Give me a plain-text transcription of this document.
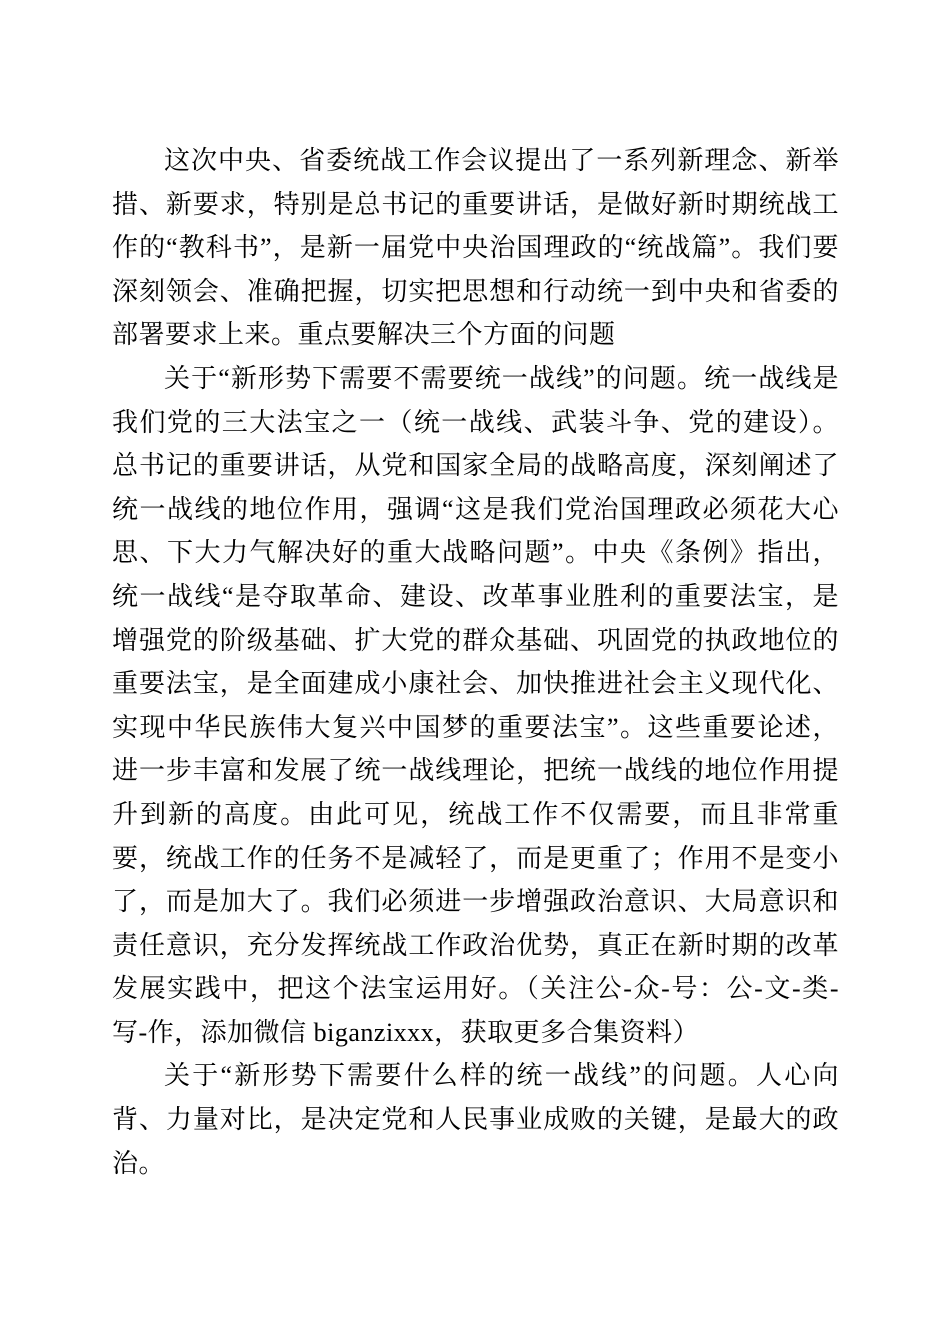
这次中央、省委统战工作会议提出了一系列新理念、新举措、新要求，特别是总书记的重要讲话，是做好新时期统战工作的“教科书”，是新一届党中央治国理政的“统战篇”。我们要深刻领会、准确把握，切实把思想和行动统一到中央和省委的部署要求上来。重点要解决三个方面的问题

关于“新形势下需要不需要统一战线”的问题。统一战线是我们党的三大法宝之一（统一战线、武装斗争、党的建设）。总书记的重要讲话，从党和国家全局的战略高度，深刻阐述了统一战线的地位作用，强调“这是我们党治国理政必须花大心思、下大力气解决好的重大战略问题”。中央《条例》指出，统一战线“是夺取革命、建设、改革事业胜利的重要法宝，是增强党的阶级基础、扩大党的群众基础、巩固党的执政地位的重要法宝，是全面建成小康社会、加快推进社会主义现代化、实现中华民族伟大复兴中国梦的重要法宝”。这些重要论述，进一步丰富和发展了统一战线理论，把统一战线的地位作用提升到新的高度。由此可见，统战工作不仅需要，而且非常重要，统战工作的任务不是减轻了，而是更重了；作用不是变小了，而是加大了。我们必须进一步增强政治意识、大局意识和责任意识，充分发挥统战工作政治优势，真正在新时期的改革发展实践中，把这个法宝运用好。（关注公-众-号：公-文-类-写-作，添加微信 biganzixxx，获取更多合集资料）

关于“新形势下需要什么样的统一战线”的问题。人心向背、力量对比，是决定党和人民事业成败的关键，是最大的政治。
